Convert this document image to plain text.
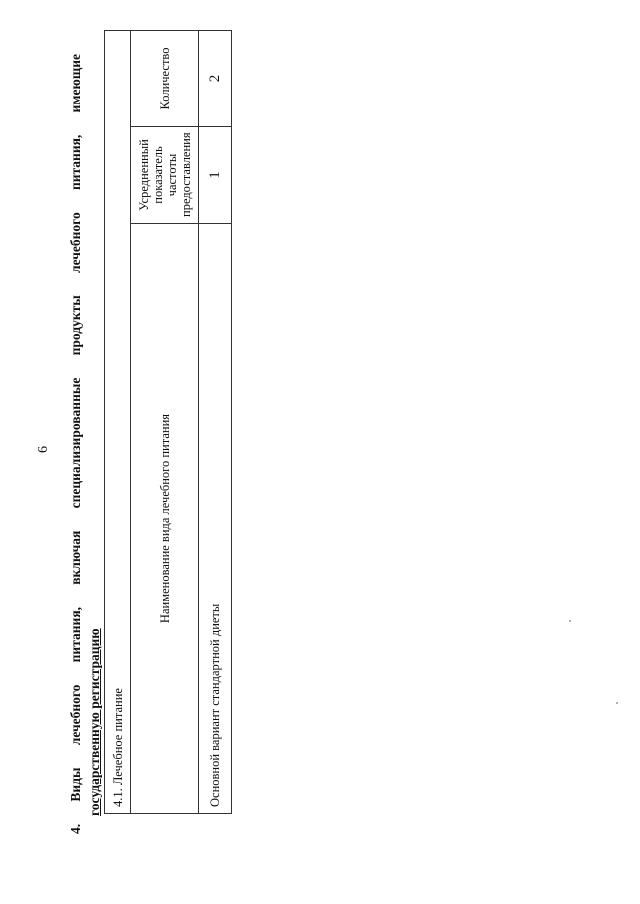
6
4.
Виды
лечебного
питания,
включая
специализированные
продукты
лечебного
питания,
имеющие
государственную регистрацию 4.1. Лечебное питание		
Наименование вида лечебного питания	Усредненный показатель частоты предоставления	Количество
Основной вариант стандартной диеты	1	2
